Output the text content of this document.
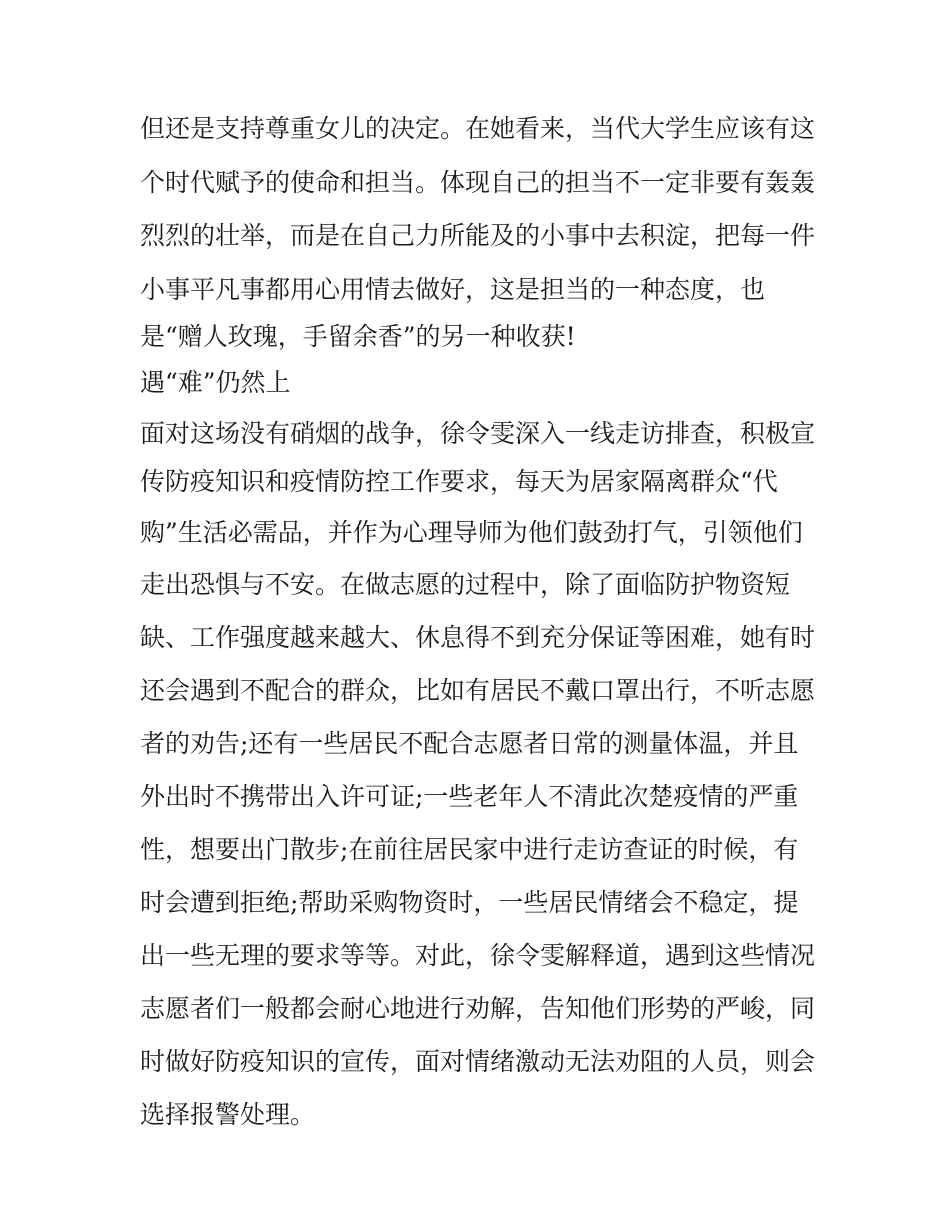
但还是支持尊重女儿的决定。在她看来，当代大学生应该有这
个时代赋予的使命和担当。体现自己的担当不一定非要有轰轰
烈烈的壮举，而是在自己力所能及的小事中去积淀，把每一件
小事平凡事都用心用情去做好，这是担当的一种态度，也
是“赠人玫瑰，手留余香”的另一种收获!
遇“难”仍然上
面对这场没有硝烟的战争，徐令雯深入一线走访排查，积极宣
传防疫知识和疫情防控工作要求，每天为居家隔离群众“代
购”生活必需品，并作为心理导师为他们鼓劲打气，引领他们
走出恐惧与不安。在做志愿的过程中，除了面临防护物资短
缺、工作强度越来越大、休息得不到充分保证等困难，她有时
还会遇到不配合的群众，比如有居民不戴口罩出行，不听志愿
者的劝告;还有一些居民不配合志愿者日常的测量体温，并且
外出时不携带出入许可证;一些老年人不清此次楚疫情的严重
性，想要出门散步;在前往居民家中进行走访查证的时候，有
时会遭到拒绝;帮助采购物资时，一些居民情绪会不稳定，提
出一些无理的要求等等。对此，徐令雯解释道，遇到这些情况
志愿者们一般都会耐心地进行劝解，告知他们形势的严峻，同
时做好防疫知识的宣传，面对情绪激动无法劝阻的人员，则会
选择报警处理。
